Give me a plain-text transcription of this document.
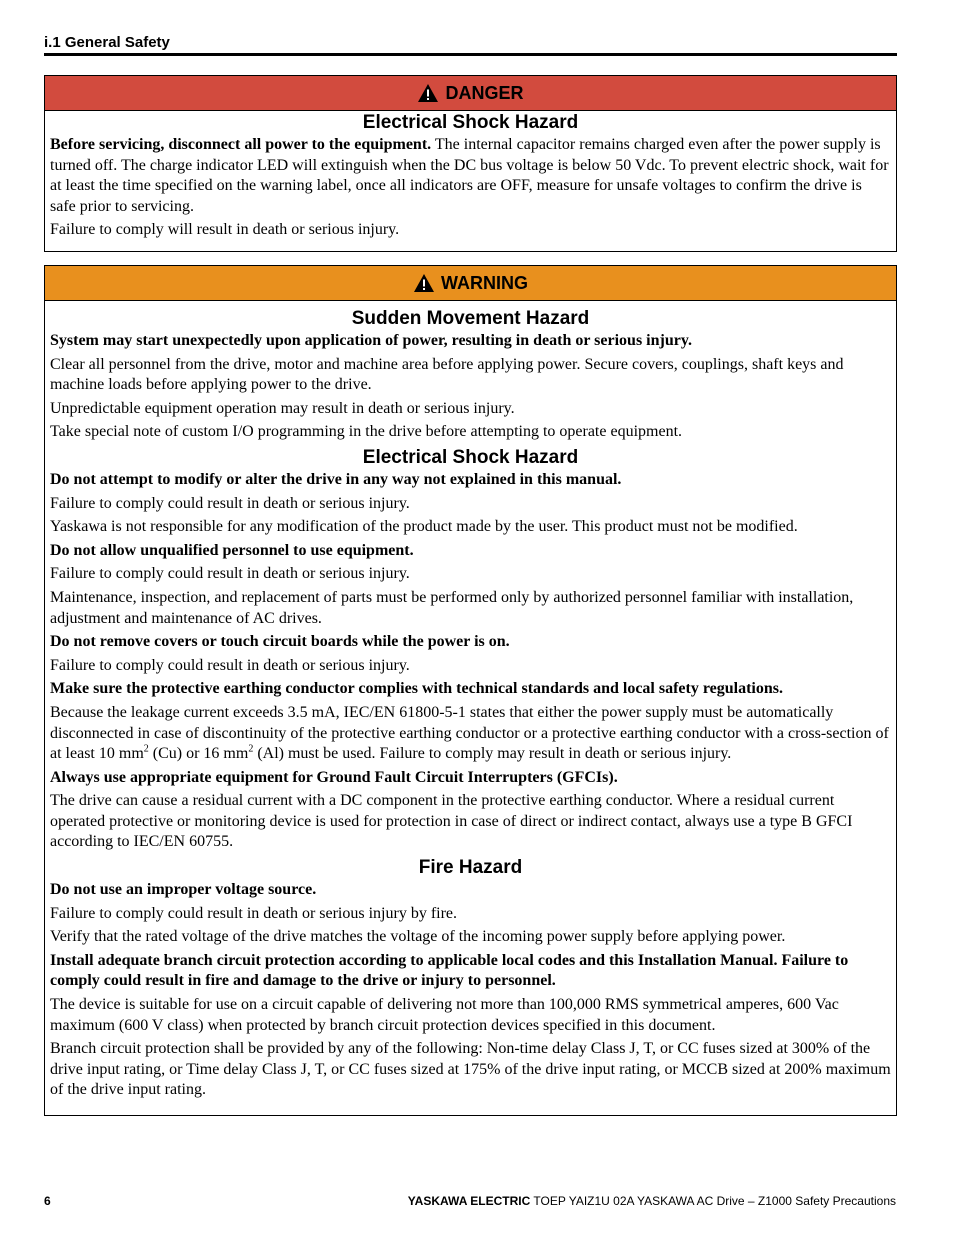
i.1 General Safety
DANGER
Electrical Shock Hazard

Before servicing, disconnect all power to the equipment. The internal capacitor remains charged even after the power supply is turned off. The charge indicator LED will extinguish when the DC bus voltage is below 50 Vdc. To prevent electric shock, wait for at least the time specified on the warning label, once all indicators are OFF, measure for unsafe voltages to confirm the drive is safe prior to servicing.

Failure to comply will result in death or serious injury.

WARNING
Sudden Movement Hazard

System may start unexpectedly upon application of power, resulting in death or serious injury.

Clear all personnel from the drive, motor and machine area before applying power. Secure covers, couplings, shaft keys and machine loads before applying power to the drive.

Unpredictable equipment operation may result in death or serious injury.

Take special note of custom I/O programming in the drive before attempting to operate equipment.

Electrical Shock Hazard

Do not attempt to modify or alter the drive in any way not explained in this manual.

Failure to comply could result in death or serious injury.

Yaskawa is not responsible for any modification of the product made by the user. This product must not be modified.

Do not allow unqualified personnel to use equipment.

Failure to comply could result in death or serious injury.

Maintenance, inspection, and replacement of parts must be performed only by authorized personnel familiar with installation, adjustment and maintenance of AC drives.

Do not remove covers or touch circuit boards while the power is on.

Failure to comply could result in death or serious injury.

Make sure the protective earthing conductor complies with technical standards and local safety regulations.

Because the leakage current exceeds 3.5 mA, IEC/EN 61800-5-1 states that either the power supply must be automatically disconnected in case of discontinuity of the protective earthing conductor or a protective earthing conductor with a cross-section of at least 10 $mm^2$ (Cu) or 16 $mm^2$ (Al) must be used. Failure to comply may result in death or serious injury.

Always use appropriate equipment for Ground Fault Circuit Interrupters (GFCIs).

The drive can cause a residual current with a DC component in the protective earthing conductor. Where a residual current operated protective or monitoring device is used for protection in case of direct or indirect contact, always use a type B GFCI according to IEC/EN 60755.

Fire Hazard

Do not use an improper voltage source.

Failure to comply could result in death or serious injury by fire.

Verify that the rated voltage of the drive matches the voltage of the incoming power supply before applying power.

Install adequate branch circuit protection according to applicable local codes and this Installation Manual. Failure to comply could result in fire and damage to the drive or injury to personnel.

The device is suitable for use on a circuit capable of delivering not more than 100,000 RMS symmetrical amperes, 600 Vac maximum (600 V class) when protected by branch circuit protection devices specified in this document.

Branch circuit protection shall be provided by any of the following: Non-time delay Class J, T, or CC fuses sized at 300% of the drive input rating, or Time delay Class J, T, or CC fuses sized at 175% of the drive input rating, or MCCB sized at 200% maximum of the drive input rating.

6	YASKAWA ELECTRIC TOEP YAIZ1U 02A YASKAWA AC Drive – Z1000 Safety Precautions
